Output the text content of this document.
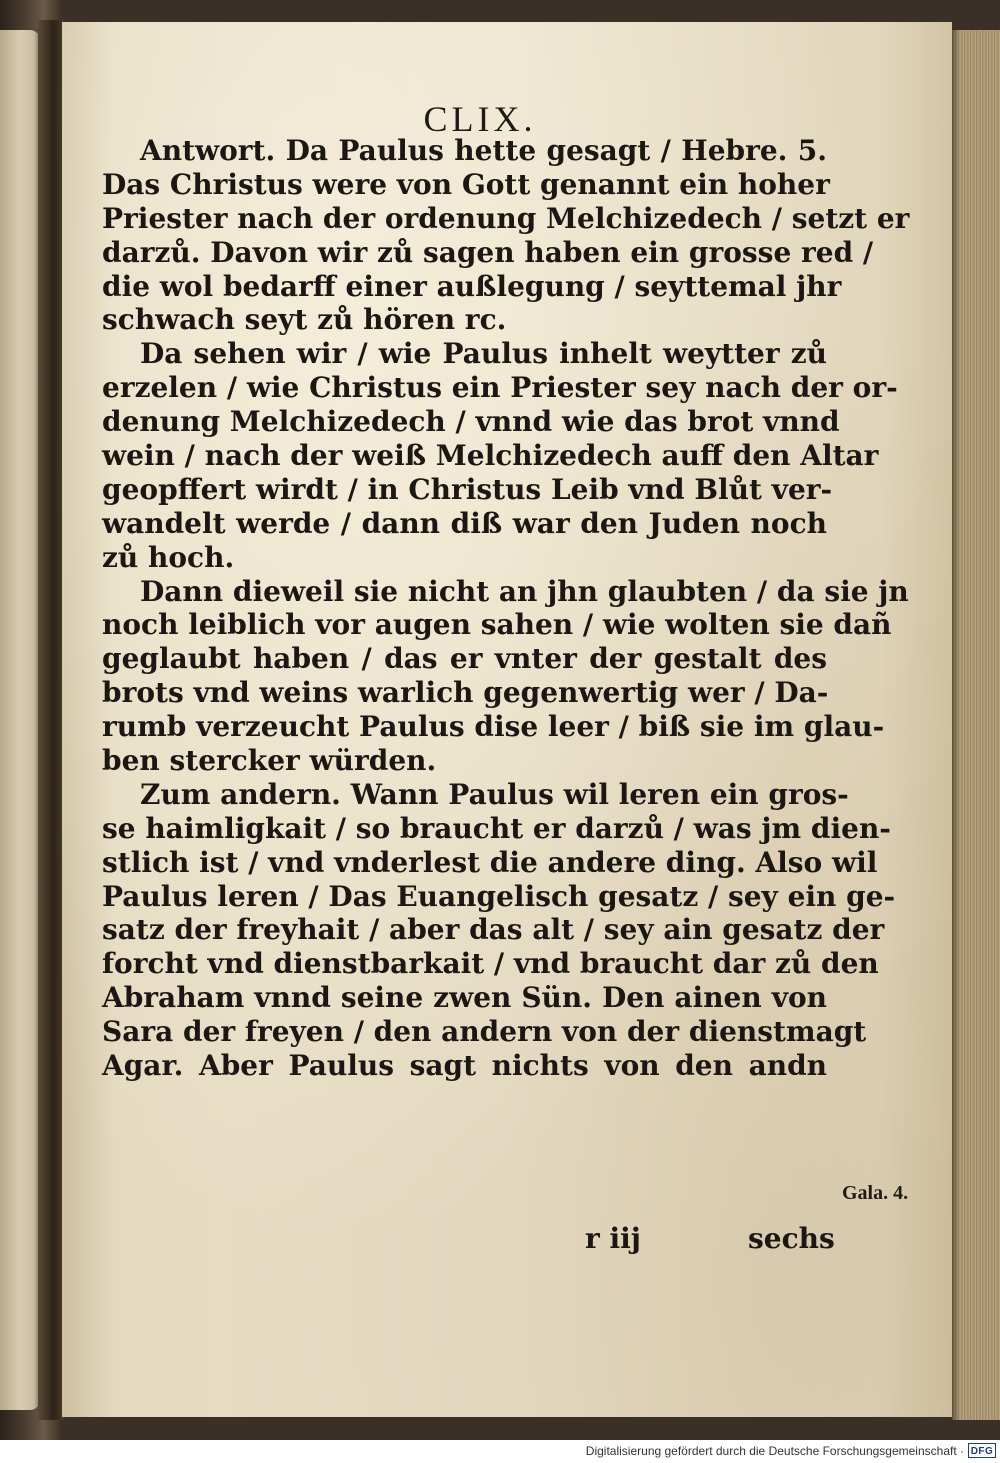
CLIX.
Antwort. Da Paulus hette gesagt / Hebre. 5.
Das Christus were von Gott genannt ein hoher
Priester nach der ordenung Melchizedech / setzt er
darzů. Davon wir zů sagen haben ein grosse red /
die wol bedarff einer außlegung / seyttemal jhr
schwach seyt zů hören rc.
Da sehen wir / wie Paulus inhelt weytter zů
erzelen / wie Christus ein Priester sey nach der or-
denung Melchizedech / vnnd wie das brot vnnd
wein / nach der weiß Melchizedech auff den Altar
geopffert wirdt / in Christus Leib vnd Blůt ver-
wandelt werde / dann diß war den Juden noch
zů hoch.
Dann dieweil sie nicht an jhn glaubten / da sie jn
noch leiblich vor augen sahen / wie wolten sie dañ
geglaubt haben / das er vnter der gestalt des
brots vnd weins warlich gegenwertig wer / Da-
rumb verzeucht Paulus dise leer / biß sie im glau-
ben stercker würden.
Zum andern. Wann Paulus wil leren ein gros-
se haimligkait / so braucht er darzů / was jm dien-
stlich ist / vnd vnderlest die andere ding. Also wil
Paulus leren / Das Euangelisch gesatz / sey ein ge-
satz der freyhait / aber das alt / sey ain gesatz der
forcht vnd dienstbarkait / vnd braucht dar zů den
Abraham vnnd seine zwen Sün. Den ainen von
Sara der freyen / den andern von der dienstmagt
Agar. Aber Paulus sagt nichts von den andn
Gala. 4.
r iij	sechs
Digitalisierung gefördert durch die Deutsche Forschungsgemeinschaft · DFG
